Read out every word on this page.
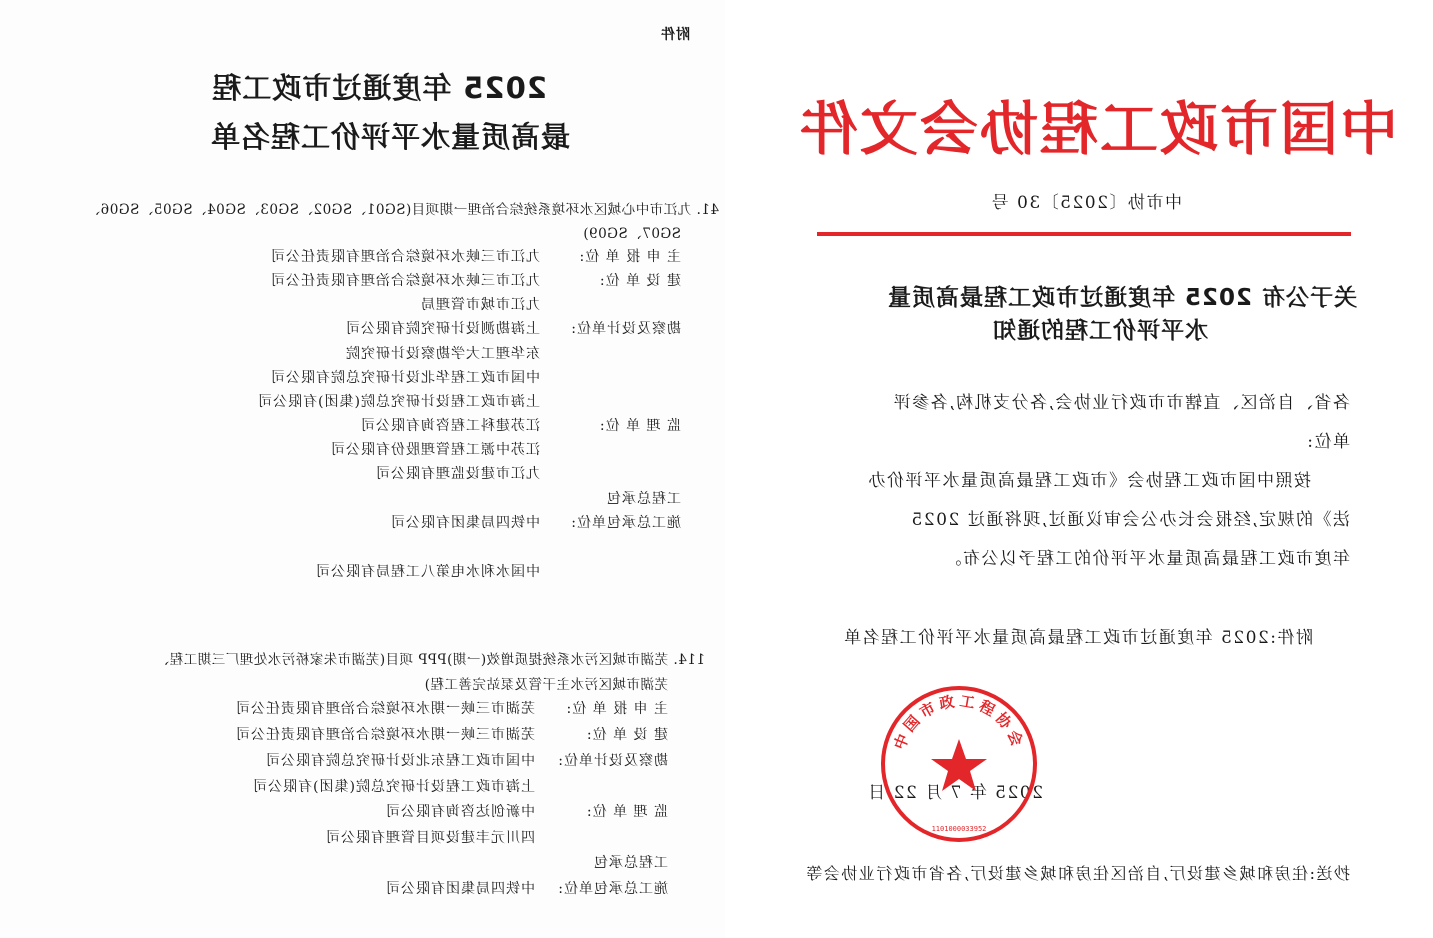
附件
2025 年度通过市政工程
最高质量水平评价工程名单
41. 九江市中心城区水环境系统综合治理一期项目(SG01、SG02、SG03、SG04、SG05、SG06、
SG07、SG09)
主 申 报 单 位:
九江市三峡水环境综合治理有限责任公司
建 设 单 位:
九江市三峡水环境综合治理有限责任公司
九江市城市管理局
勘察及设计单位:
上海勘测设计研究院有限公司
东华理工大学勘察设计研究院
中国市政工程华北设计研究总院有限公司
上海市政工程设计研究总院(集团)有限公司
监 理 单 位:
江苏建科工程咨询有限公司
江苏中源工程管理股份有限公司
九江市建设监理有限公司
工程总承包
施工总承包单位:
中铁四局集团有限公司
中国水利水电第八工程局有限公司
114. 芜湖市城区污水系统提质增效(一期)PPP 项目(芜湖市朱家桥污水处理厂三期工程、
芜湖市城区污水主干管及泵站完善工程)
主 申 报 单 位:
芜湖市三峡一期水环境综合治理有限责任公司
建 设 单 位:
芜湖市三峡一期水环境综合治理有限责任公司
勘察及设计单位:
中国市政工程东北设计研究总院有限公司
上海市政工程设计研究总院(集团)有限公司
监 理 单 位:
中新创达咨询有限公司
四川元丰建设项目管理有限公司
工程总承包
施工总承包单位:
中铁四局集团有限公司
中国市政工程协会文件
中市协〔2025〕30 号
关于公布 2025 年度通过市政工程最高质量
水平评价工程的通知
各省、自治区、直辖市市政行业协会,各分支机构,各参评
单位:
按照中国市政工程协会《市政工程最高质量水平评价办
法》的规定,经报会长办公会审议通过,现将通过 2025
年度市政工程最高质量水平评价的工程予以公布。
附件:2025 年度通过市政工程最高质量水平评价工程名单
2025 年 7 月 22 日
抄送:住房和城乡建设厅,自治区住房和城乡建设厅,各省市政行业协会等
中国市政工程协会
1101000033952
